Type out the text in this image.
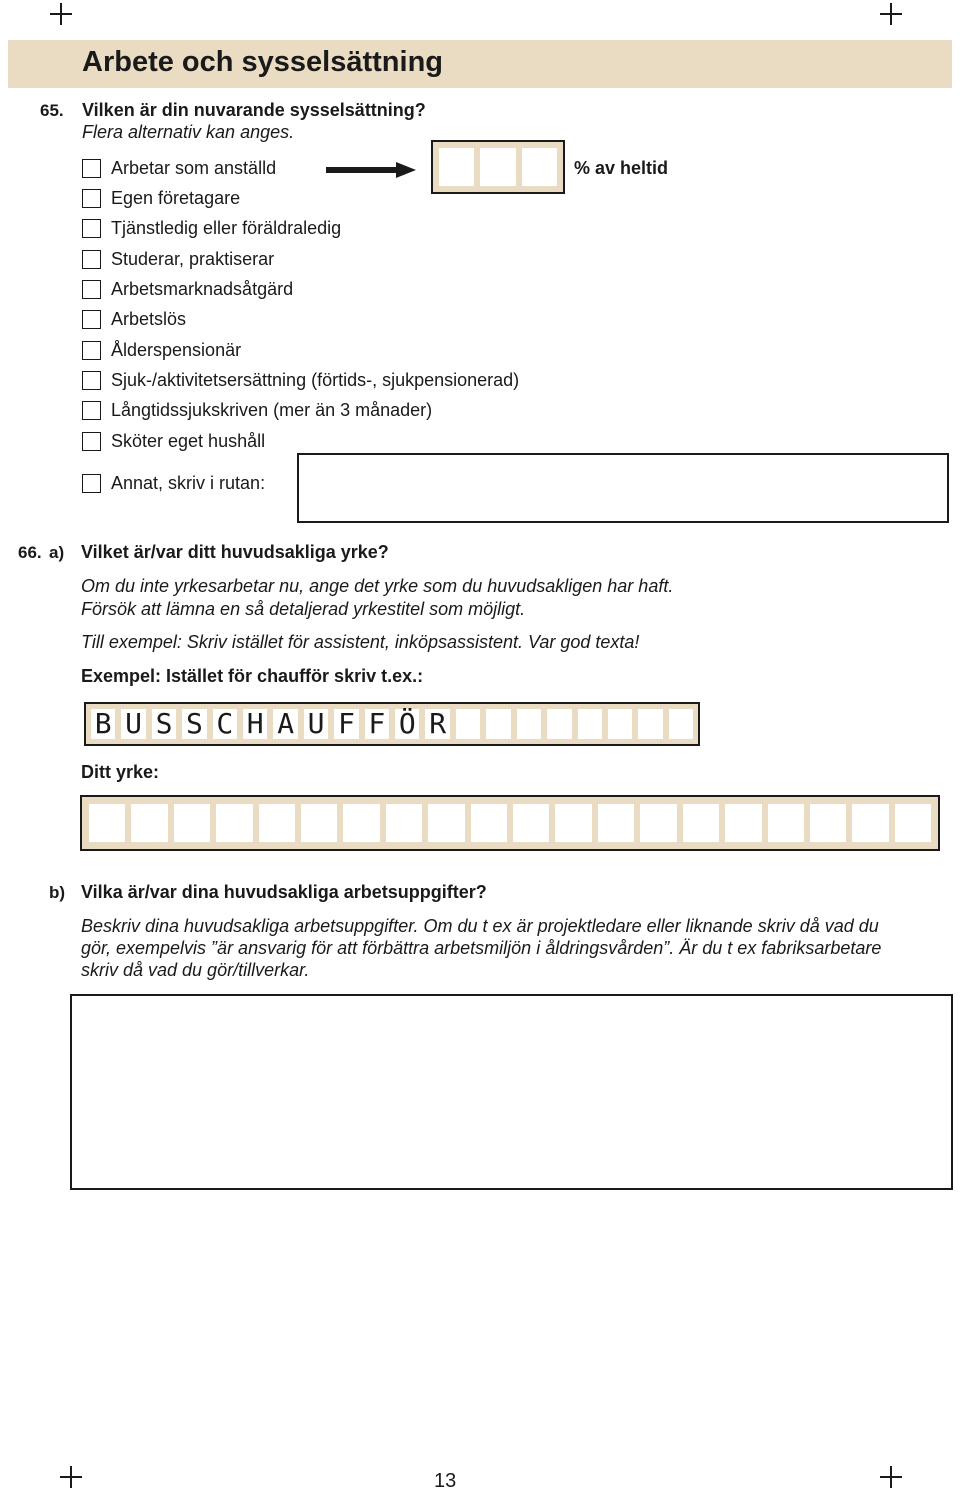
Arbete och sysselsättning
65. Vilken är din nuvarande sysselsättning?
Flera alternativ kan anges.
Arbetar som anställd
Egen företagare
Tjänstledig eller föräldraledig
Studerar, praktiserar
Arbetsmarknadsåtgärd
Arbetslös
Ålderspensionär
Sjuk-/aktivitetsersättning (förtids-, sjukpensionerad)
Långtidssjukskriven (mer än 3 månader)
Sköter eget hushåll
Annat, skriv i rutan:
% av heltid
66. a) Vilket är/var ditt huvudsakliga yrke?
Om du inte yrkesarbetar nu, ange det yrke som du huvudsakligen har haft.
Försök att lämna en så detaljerad yrkestitel som möjligt.
Till exempel: Skriv istället för assistent, inköpsassistent. Var god texta!
Exempel: Istället för chaufför skriv t.ex.:
B U S S C H A U F F Ö R
Ditt yrke:
b) Vilka är/var dina huvudsakliga arbetsuppgifter?
Beskriv dina huvudsakliga arbetsuppgifter. Om du t ex är projektledare eller liknande skriv då vad du
gör, exempelvis ”är ansvarig för att förbättra arbetsmiljön i åldringsvården”. Är du t ex fabriksarbetare
skriv då vad du gör/tillverkar.
13
